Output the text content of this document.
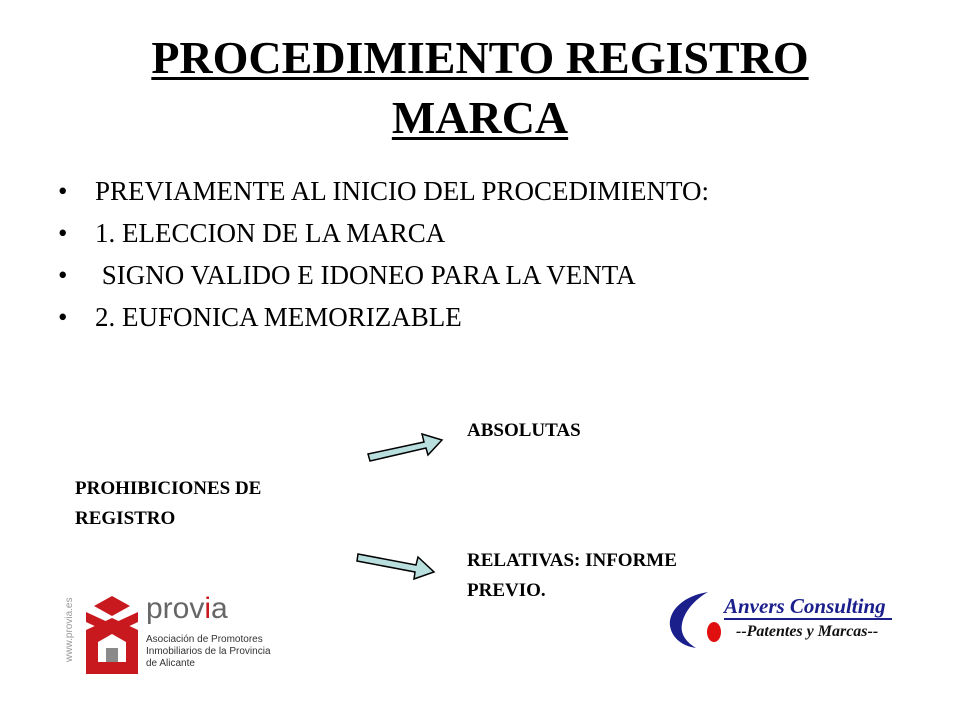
PROCEDIMIENTO REGISTRO
MARCA
•	PREVIAMENTE AL INICIO DEL PROCEDIMIENTO:
•	1. ELECCION DE LA MARCA
•	SIGNO VALIDO E IDONEO PARA LA VENTA
•	2. EUFONICA MEMORIZABLE

PROHIBICIONES DE
REGISTRO

ABSOLUTAS

RELATIVAS: INFORME
PREVIO.

www.provia.es provia
Asociación de Promotores
Inmobiliarios de la Provincia
de Alicante
Anvers Consulting
--Patentes y Marcas--
